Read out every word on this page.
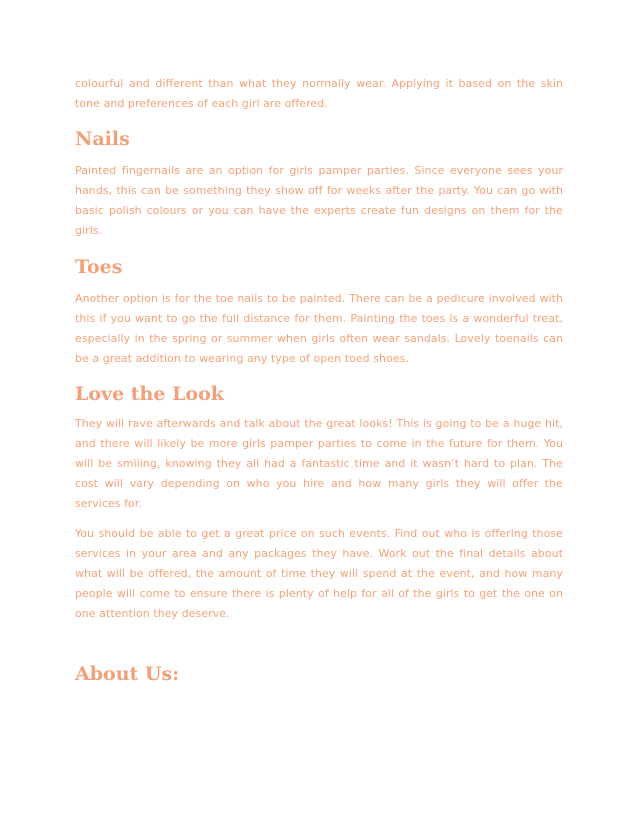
colourful and different than what they normally wear. Applying it based on the skin tone and preferences of each girl are offered.

Nails

Painted fingernails are an option for girls pamper parties. Since everyone sees your hands, this can be something they show off for weeks after the party. You can go with basic polish colours or you can have the experts create fun designs on them for the girls.

Toes

Another option is for the toe nails to be painted. There can be a pedicure involved with this if you want to go the full distance for them. Painting the toes is a wonderful treat, especially in the spring or summer when girls often wear sandals. Lovely toenails can be a great addition to wearing any type of open toed shoes.

Love the Look

They will rave afterwards and talk about the great looks! This is going to be a huge hit, and there will likely be more girls pamper parties to come in the future for them. You will be smiling, knowing they all had a fantastic time and it wasn’t hard to plan. The cost will vary depending on who you hire and how many girls they will offer the services for.

You should be able to get a great price on such events. Find out who is offering those services in your area and any packages they have. Work out the final details about what will be offered, the amount of time they will spend at the event, and how many people will come to ensure there is plenty of help for all of the girls to get the one on one attention they deserve.

About Us:
